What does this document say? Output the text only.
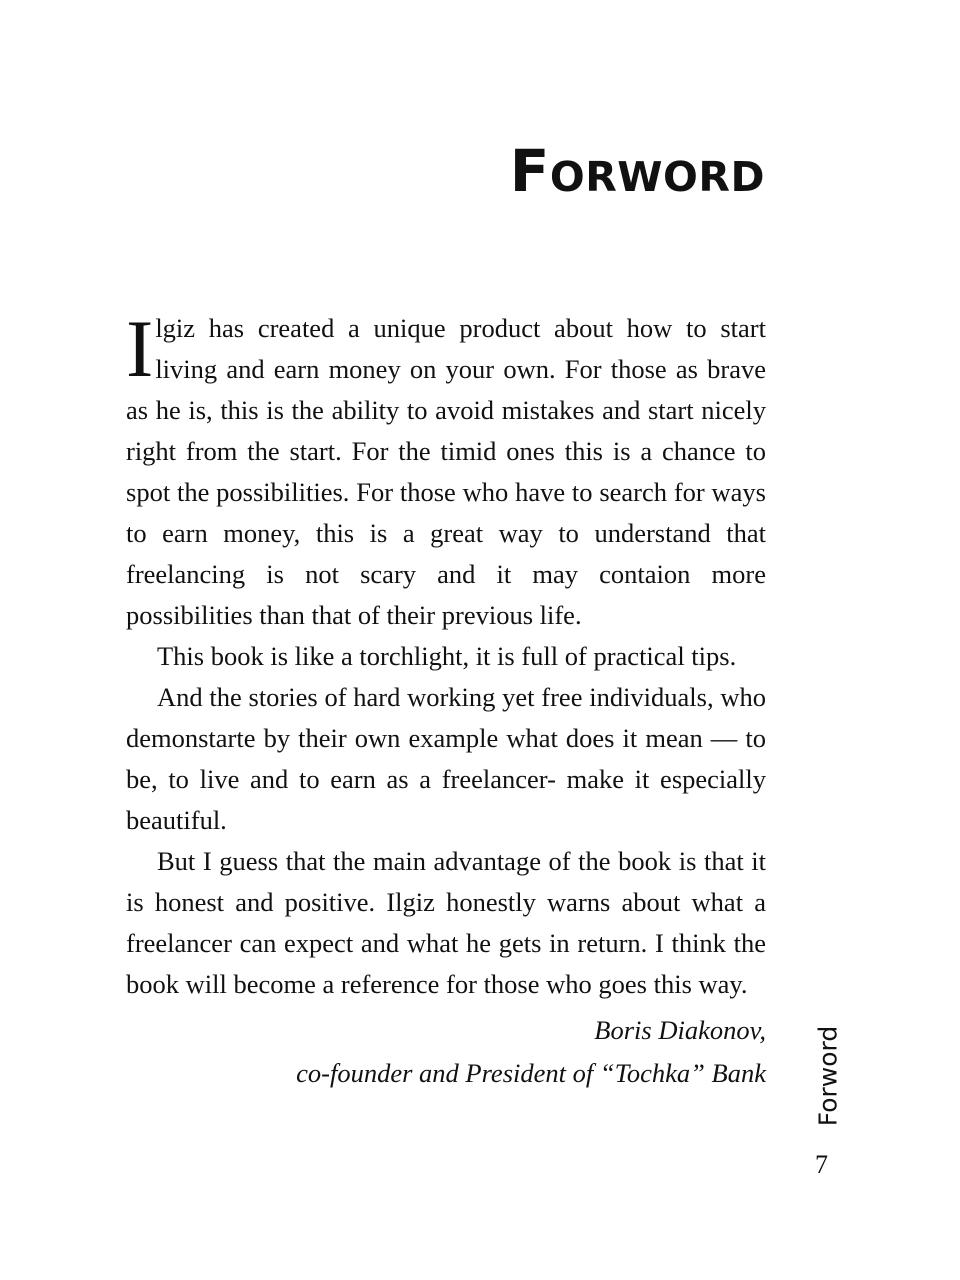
Forword

Ilgiz has created a unique product about how to start living and earn money on your own. For those as brave as he is, this is the ability to avoid mistakes and start nicely right from the start. For the timid ones this is a chance to spot the possibilities. For those who have to search for ways to earn money, this is a great way to understand that freelancing is not scary and it may contaion more possibilities than that of their previous life.

This book is like a torchlight, it is full of practical tips.

And the stories of hard working yet free individuals, who demonstarte by their own example what does it mean — to be, to live and to earn as a freelancer- make it especially beautiful.

But I guess that the main advantage of the book is that it is honest and positive. Ilgiz honestly warns about what a freelancer can expect and what he gets in return. I think the book will become a reference for those who goes this way.

Boris Diakonov,
co-founder and President of “Tochka” Bank Forword
7
